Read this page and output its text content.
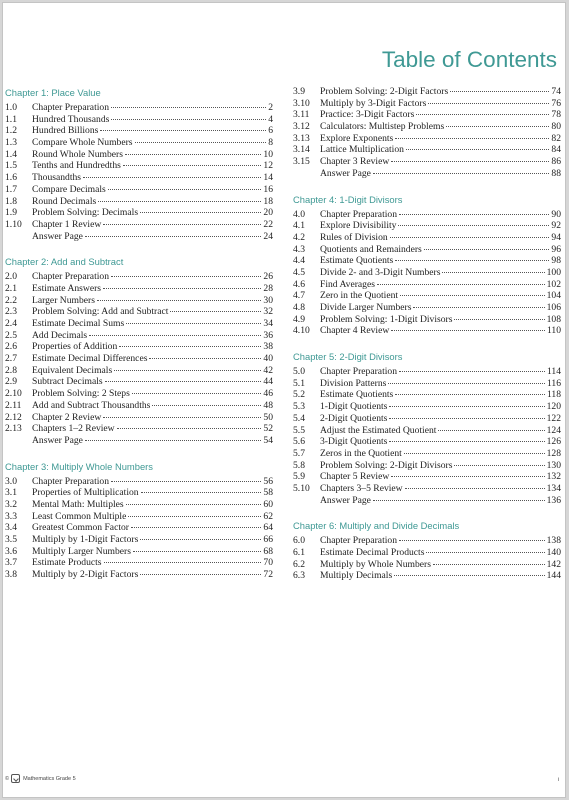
Table of Contents
Chapter 1: Place Value
1.0	Chapter Preparation	2
1.1	Hundred Thousands	4
1.2	Hundred Billions	6
1.3	Compare Whole Numbers	8
1.4	Round Whole Numbers	10
1.5	Tenths and Hundredths	12
1.6	Thousandths	14
1.7	Compare Decimals	16
1.8	Round Decimals	18
1.9	Problem Solving: Decimals	20
1.10	Chapter 1 Review	22
Answer Page	24
Chapter 2: Add and Subtract
2.0	Chapter Preparation	26
2.1	Estimate Answers	28
2.2	Larger Numbers	30
2.3	Problem Solving: Add and Subtract	32
2.4	Estimate Decimal Sums	34
2.5	Add Decimals	36
2.6	Properties of Addition	38
2.7	Estimate Decimal Differences	40
2.8	Equivalent Decimals	42
2.9	Subtract Decimals	44
2.10	Problem Solving: 2 Steps	46
2.11	Add and Subtract Thousandths	48
2.12	Chapter 2 Review	50
2.13	Chapters 1–2 Review	52
Answer Page	54
Chapter 3: Multiply Whole Numbers
3.0	Chapter Preparation	56
3.1	Properties of Multiplication	58
3.2	Mental Math: Multiples	60
3.3	Least Common Multiple	62
3.4	Greatest Common Factor	64
3.5	Multiply by 1-Digit Factors	66
3.6	Multiply Larger Numbers	68
3.7	Estimate Products	70
3.8	Multiply by 2-Digit Factors	72
3.9	Problem Solving: 2-Digit Factors	74
3.10	Multiply by 3-Digit Factors	76
3.11	Practice: 3-Digit Factors	78
3.12	Calculators: Multistep Problems	80
3.13	Explore Exponents	82
3.14	Lattice Multiplication	84
3.15	Chapter 3 Review	86
Answer Page	88
Chapter 4: 1-Digit Divisors
4.0	Chapter Preparation	90
4.1	Explore Divisibility	92
4.2	Rules of Division	94
4.3	Quotients and Remainders	96
4.4	Estimate Quotients	98
4.5	Divide 2- and 3-Digit Numbers	100
4.6	Find Averages	102
4.7	Zero in the Quotient	104
4.8	Divide Larger Numbers	106
4.9	Problem Solving: 1-Digit Divisors	108
4.10	Chapter 4 Review	110
Chapter 5: 2-Digit Divisors
5.0	Chapter Preparation	114
5.1	Division Patterns	116
5.2	Estimate Quotients	118
5.3	1-Digit Quotients	120
5.4	2-Digit Quotients	122
5.5	Adjust the Estimated Quotient	124
5.6	3-Digit Quotients	126
5.7	Zeros in the Quotient	128
5.8	Problem Solving: 2-Digit Divisors	130
5.9	Chapter 5 Review	132
5.10	Chapters 3–5 Review	134
Answer Page	136
Chapter 6: Multiply and Divide Decimals
6.0	Chapter Preparation	138
6.1	Estimate Decimal Products	140
6.2	Multiply by Whole Numbers	142
6.3	Multiply Decimals	144
©	Mathematics Grade 5	i
